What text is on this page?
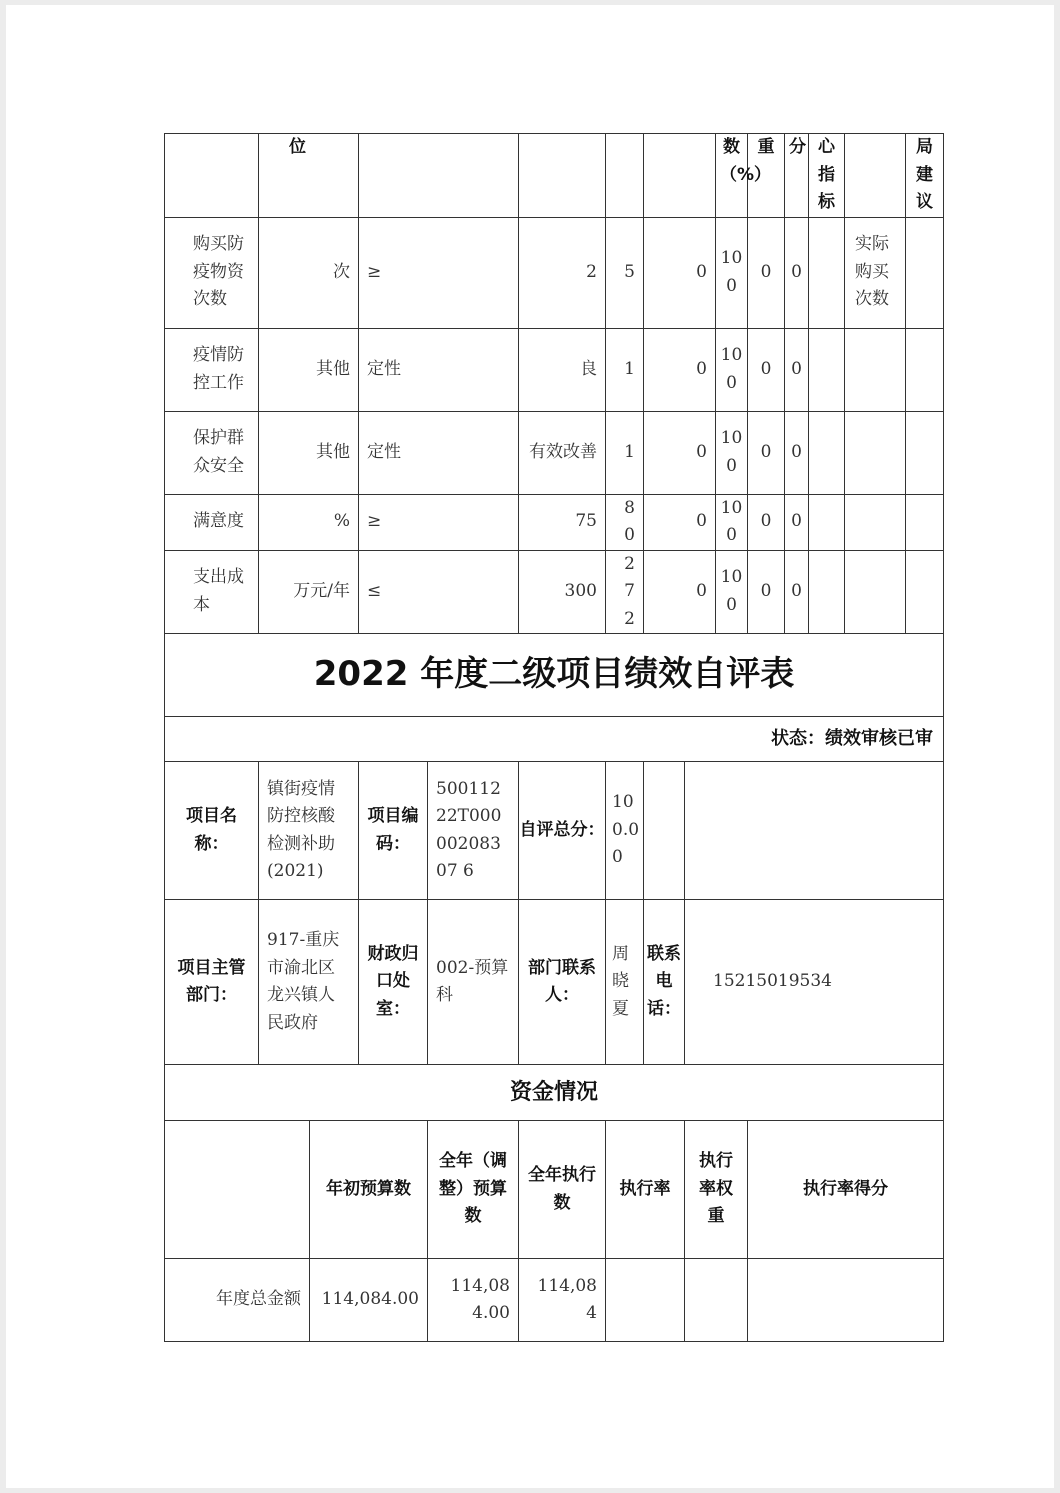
	位								数（%）	重	分	心指标		局建议
购买防疫物资次数	次		≥		2	5	0		100	0	0		实际购买次数	
疫情防控工作	其他		定性		良	1	0		100	0	0			
保护群众安全	其他		定性		有效改善	1	0		100	0	0			
满意度	%		≥		75	80	0		100	0	0			
支出成本	万元/年		≤		300	272	0		100	0	0			
2022 年度二级项目绩效自评表														
状态：绩效审核已审														
项目名称：	镇街疫情防控核酸检测补助(2021)		项目编码：	50011222T00000208307 6	自评总分：	100.00								
项目主管部门：	917-重庆市渝北区龙兴镇人民政府		财政归口处室：	002-预算科	部门联系人：	周晓夏	联系电话：	15215019534						
资金情况														
		年初预算数		全年（调整）预算数	全年执行数	执行率		执行率权重		执行率得分				
年度总金额		114,084.00		114,084.00	114,084									
